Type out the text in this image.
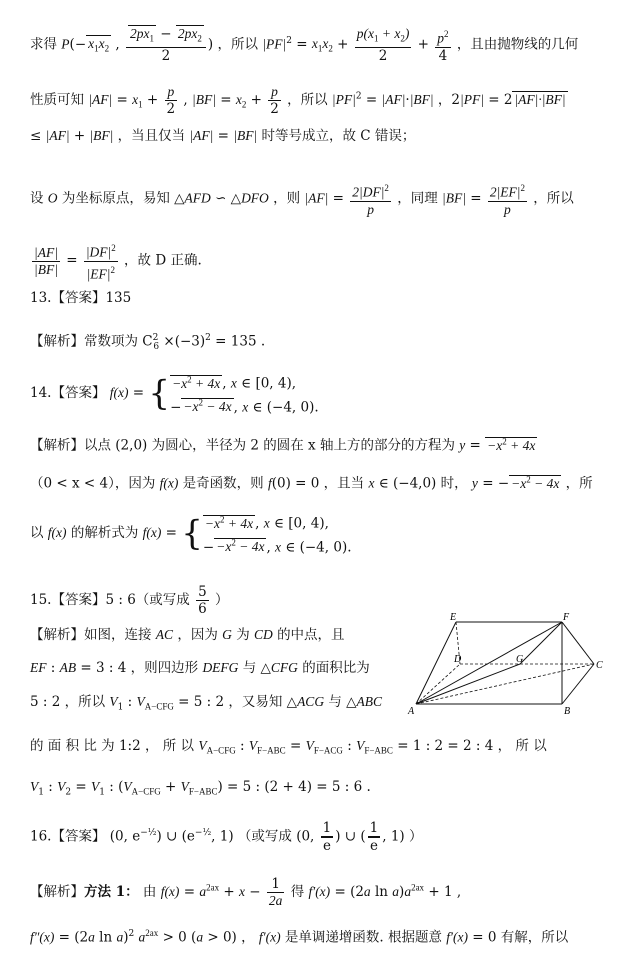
求得 $P(- x_1x_2$ , $\frac{2px_1 - 2px_2}{2}$ ) ，所以 $|PF|^2 = x_1x_2 + \frac{p(x_1 + x_2)}{2} + \frac{p^2}{4}$ ，且由抛物线的几何
性质可知 $|AF| = x_1 + \frac{p}{2}$ , $|BF| = x_2 + \frac{p}{2}$ ，所以 $|PF|^2 = |AF|\cdot|BF|$ ，2|PF| = 2 |AF|·|BF|
≤ |AF| + |BF| ，当且仅当 |AF| = |BF| 时等号成立，故 C 错误；
设 O 为坐标原点，易知 △AFD ∽ △DFO ，则 $|AF| = \frac{2|DF|^2}{p}$ ，同理 $|BF| = \frac{2|EF|^2}{p}$ ，所以
$\frac{|AF|}{|BF|} = \frac{|DF|^2}{|EF|^2}$ ，故 D 正确.
13.【答案】135
【解析】常数项为 $C^2_6 \times(-3)^2 = 135$ .
14.【答案】 f(x) = { $-x^2 + 4x$ , x ∈ [0, 4),
− $-x^2 - 4x$ , x ∈ (−4, 0).
【解析】以点 (2,0) 为圆心，半径为 2 的圆在 x 轴上方的部分的方程为 $y = -x^2 + 4x$
（0 < x < 4），因为 f(x) 是奇函数，则 f(0) = 0 ，且当 x ∈ (−4,0) 时， y = − $-x^2 - 4x$ ，所
以 f(x) 的解析式为 f(x) = { $-x^2 + 4x$ , x ∈ [0, 4),
− $-x^2 - 4x$ , x ∈ (−4, 0).
15.【答案】5 : 6（或写成 $\frac{5}{6}$ ）
【解析】如图，连接 AC ，因为 G 为 CD 的中点，且
EF : AB = 3 : 4 ，则四边形 DEFG 与 △CFG 的面积比为
5 : 2 ，所以 $V_1$ : $V_{A-CFG} = 5$ : 2 ，又易知 △ACG 与 △ABC
的 面 积 比 为 1:2 ， 所 以 $V_{A-CFG}$ : $V_{F-ABC} = V_{F-ACG}$ : $V_{F-ABC} = 1$ : 2 = 2 : 4 ， 所 以
$V_1$ : $V_2 = V_1$ : $(V_{A-CFG} + V_{F-ABC}) = 5$ : (2 + 4) = 5 : 6 .
E	F
D	G
C
A	B
16.【答案】 (0, $e^{-\frac{1}{2}}$) ∪ ($e^{-\frac{1}{2}}$, 1) （或写成 (0, $\frac{1}{e}$ ) ∪ ( $\frac{1}{e}$ , 1) ）
【解析】方法 1： 由 $f(x) = a^{2ax} + x - \frac{1}{2a}$ 得 f′(x) = (2a $\ln a)a^{2ax} + 1$ ,
f″(x) = (2a ln a)$^2$ $a^{2ax} > 0$ (a > 0) ， f′(x) 是单调递增函数. 根据题意 f′(x) = 0 有解，所以
